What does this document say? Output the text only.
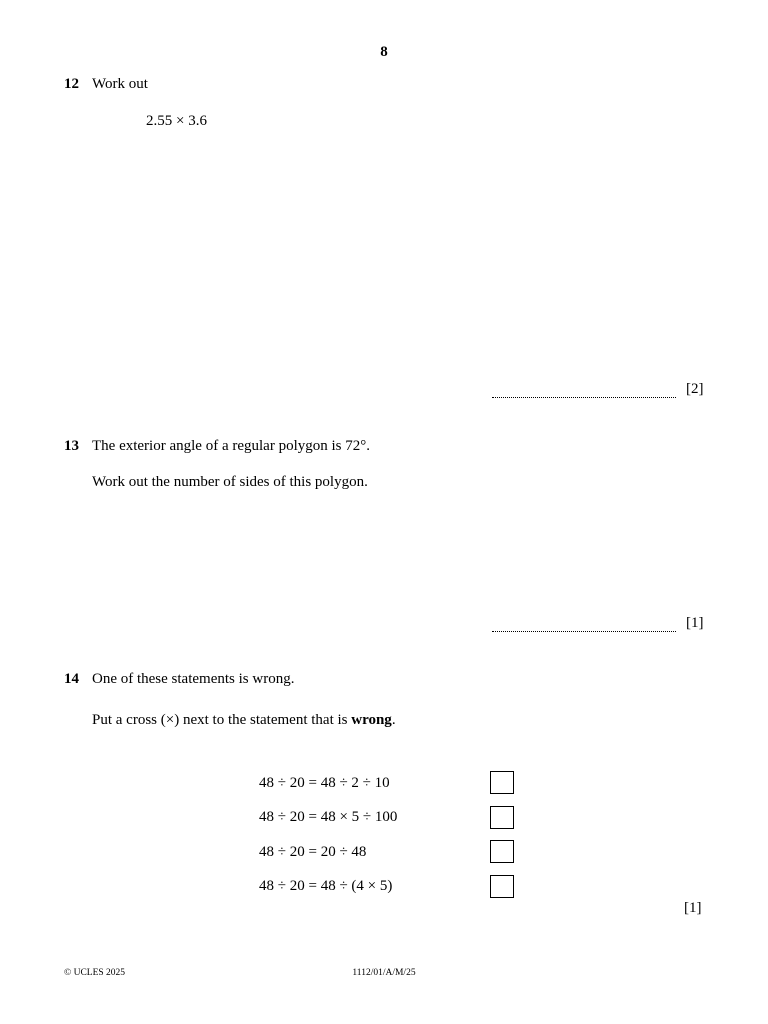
8
12 Work out
2.55 × 3.6
[2]
13 The exterior angle of a regular polygon is 72°.
Work out the number of sides of this polygon.
[1]
14 One of these statements is wrong.
Put a cross (×) next to the statement that is wrong.
48 ÷ 20 = 48 ÷ 2 ÷ 10
48 ÷ 20 = 48 × 5 ÷ 100
48 ÷ 20 = 20 ÷ 48
48 ÷ 20 = 48 ÷ (4 × 5)
[1]
© UCLES 2025	1112/01/A/M/25
